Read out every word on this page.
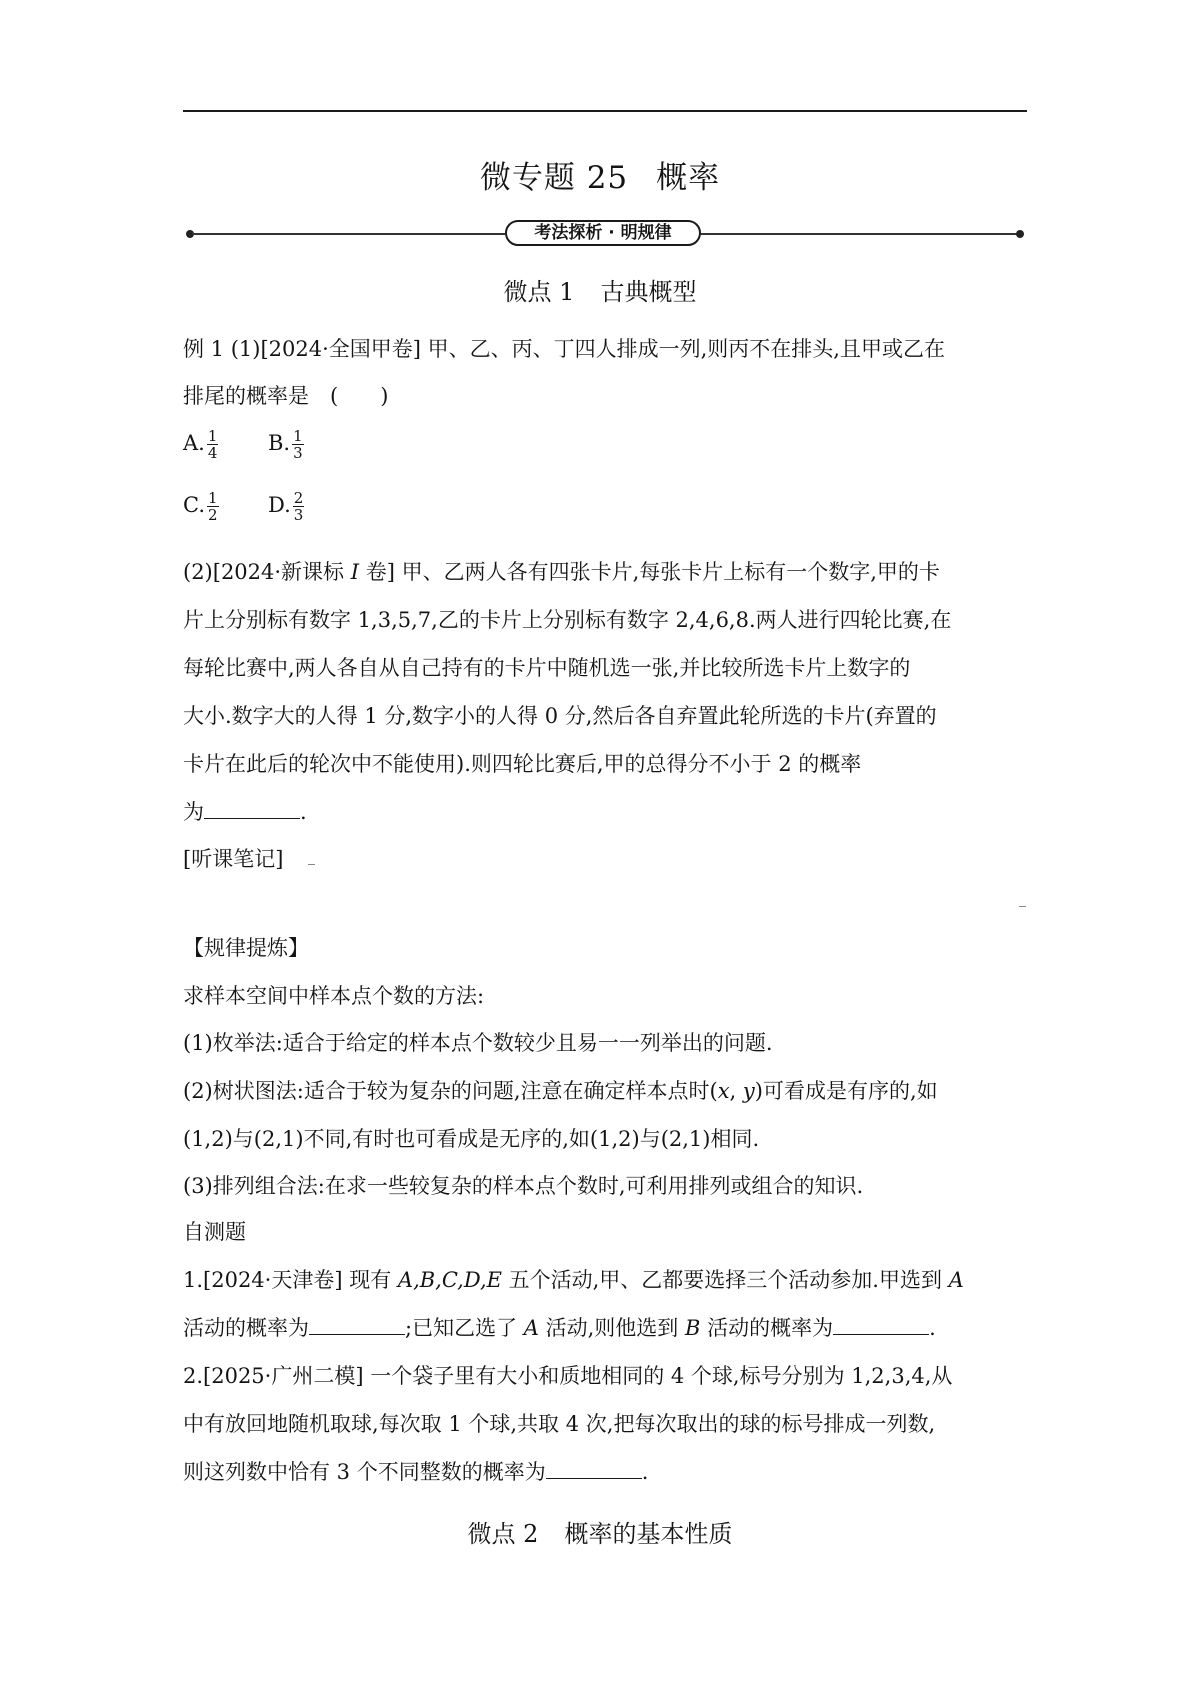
微专题 25 概率
考法探析 · 明规律
微点 1 古典概型
例 1 (1)[2024·全国甲卷] 甲、乙、丙、丁四人排成一列,则丙不在排头,且甲或乙在
排尾的概率是　(　　)
A. $\frac{1}{4} B$. $\frac{1}{3}$
C. $\frac{1}{2} D$. $\frac{2}{3}$
(2)[2024·新课标 I 卷] 甲、乙两人各有四张卡片,每张卡片上标有一个数字,甲的卡
片上分别标有数字 1,3,5,7,乙的卡片上分别标有数字 2,4,6,8.两人进行四轮比赛,在
每轮比赛中,两人各自从自己持有的卡片中随机选一张,并比较所选卡片上数字的
大小.数字大的人得 1 分,数字小的人得 0 分,然后各自弃置此轮所选的卡片(弃置的
卡片在此后的轮次中不能使用).则四轮比赛后,甲的总得分不小于 2 的概率
为	.
[听课笔记]
【规律提炼】
求样本空间中样本点个数的方法:
(1)枚举法:适合于给定的样本点个数较少且易一一列举出的问题.
(2)树状图法:适合于较为复杂的问题,注意在确定样本点时(x, y)可看成是有序的,如
(1,2)与(2,1)不同,有时也可看成是无序的,如(1,2)与(2,1)相同.
(3)排列组合法:在求一些较复杂的样本点个数时,可利用排列或组合的知识.
自测题
1.[2024·天津卷] 现有 A,B,C,D,E 五个活动,甲、乙都要选择三个活动参加.甲选到 A
活动的概率为	;已知乙选了 A 活动,则他选到 B 活动的概率为	.
2.[2025·广州二模] 一个袋子里有大小和质地相同的 4 个球,标号分别为 1,2,3,4,从
中有放回地随机取球,每次取 1 个球,共取 4 次,把每次取出的球的标号排成一列数,
则这列数中恰有 3 个不同整数的概率为	.
微点 2 概率的基本性质
